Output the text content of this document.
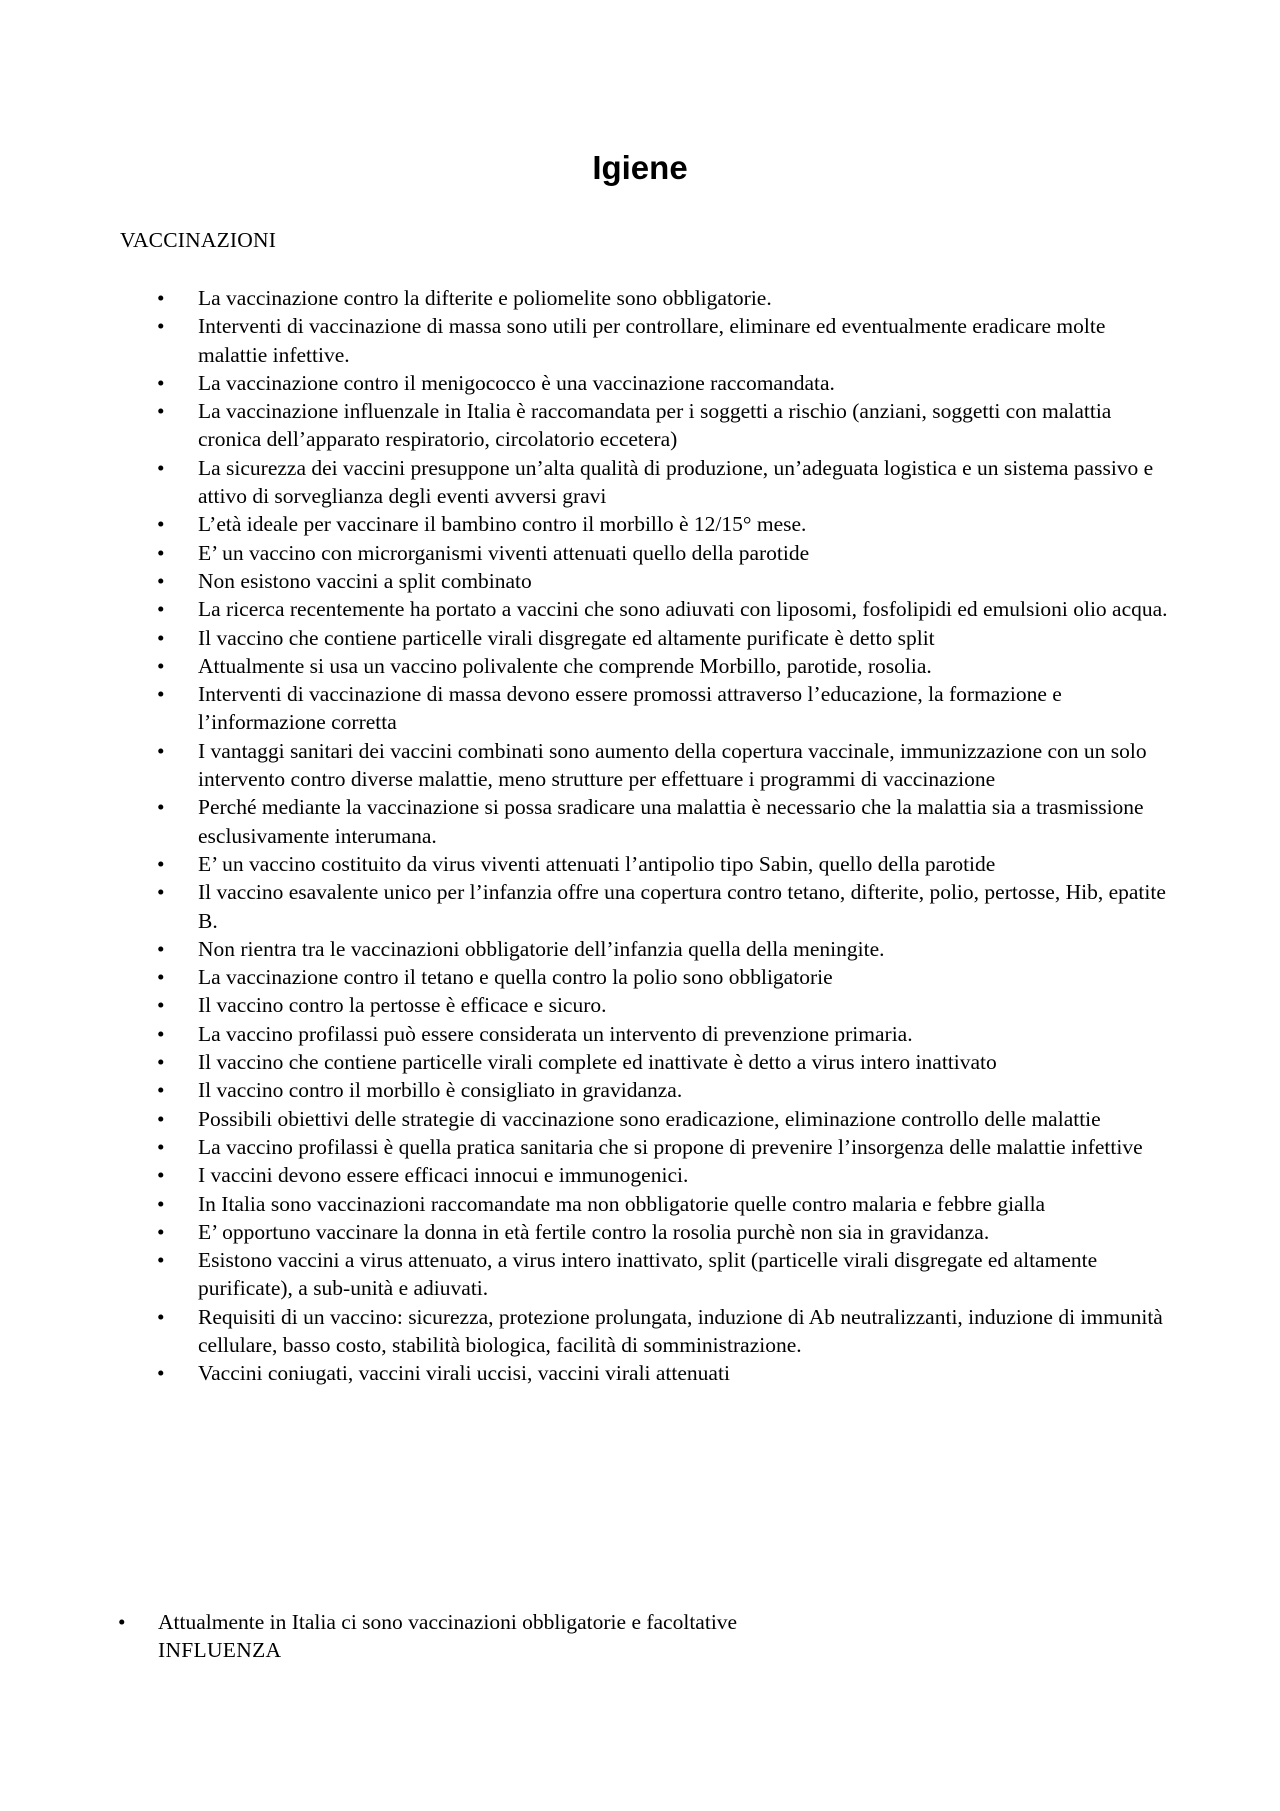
Igiene
VACCINAZIONI
•	La vaccinazione contro la difterite e poliomelite sono obbligatorie.
•	Interventi di vaccinazione di massa sono utili per controllare, eliminare ed eventualmente eradicare molte malattie infettive.
•	La vaccinazione contro il menigococco è una vaccinazione raccomandata.
•	La vaccinazione influenzale in Italia è raccomandata per i soggetti a rischio (anziani, soggetti con malattia cronica dell’apparato respiratorio, circolatorio eccetera)
•	La sicurezza dei vaccini presuppone un’alta qualità di produzione, un’adeguata logistica e un sistema passivo e attivo di sorveglianza degli eventi avversi gravi
•	L’età ideale per vaccinare il bambino contro il morbillo è 12/15° mese.
•	E’ un vaccino con microrganismi viventi attenuati quello della parotide
•	Non esistono vaccini a split combinato
•	La ricerca recentemente ha portato a vaccini che sono adiuvati con liposomi, fosfolipidi ed emulsioni olio acqua.
•	Il vaccino che contiene particelle virali disgregate ed altamente purificate è detto split
•	Attualmente si usa un vaccino polivalente che comprende Morbillo, parotide, rosolia.
•	Interventi di vaccinazione di massa devono essere promossi attraverso l’educazione, la formazione e l’informazione corretta
•	I vantaggi sanitari dei vaccini combinati sono aumento della copertura vaccinale, immunizzazione con un solo intervento contro diverse malattie, meno strutture per effettuare i programmi di vaccinazione
•	Perché mediante la vaccinazione si possa sradicare una malattia è necessario che la malattia sia a trasmissione esclusivamente interumana.
•	E’ un vaccino costituito da virus viventi attenuati l’antipolio tipo Sabin, quello della parotide
•	Il vaccino esavalente unico per l’infanzia offre una copertura contro tetano, difterite, polio, pertosse, Hib, epatite B.
•	Non rientra tra le vaccinazioni obbligatorie dell’infanzia quella della meningite.
•	La vaccinazione contro il tetano e quella contro la polio sono obbligatorie
•	Il vaccino contro la pertosse è efficace e sicuro.
•	La vaccino profilassi può essere considerata un intervento di prevenzione primaria.
•	Il vaccino che contiene particelle virali complete ed inattivate è detto a virus intero inattivato
•	Il vaccino contro il morbillo è consigliato in gravidanza.
•	Possibili obiettivi delle strategie di vaccinazione sono eradicazione, eliminazione controllo delle malattie
•	La vaccino profilassi è quella pratica sanitaria che si propone di prevenire l’insorgenza delle malattie infettive
•	I vaccini devono essere efficaci innocui e immunogenici.
•	In Italia sono vaccinazioni raccomandate ma non obbligatorie quelle contro malaria e febbre gialla
•	E’ opportuno vaccinare la donna in età fertile contro la rosolia purchè non sia in gravidanza.
•	Esistono vaccini a virus attenuato, a virus intero inattivato, split (particelle virali disgregate ed altamente purificate), a sub-unità e adiuvati.
•	Requisiti di un vaccino: sicurezza, protezione prolungata, induzione di Ab neutralizzanti, induzione di immunità cellulare, basso costo, stabilità biologica, facilità di somministrazione.
•	Vaccini coniugati, vaccini virali uccisi, vaccini virali attenuati
•	Attualmente in Italia ci sono vaccinazioni obbligatorie e facoltative
INFLUENZA
